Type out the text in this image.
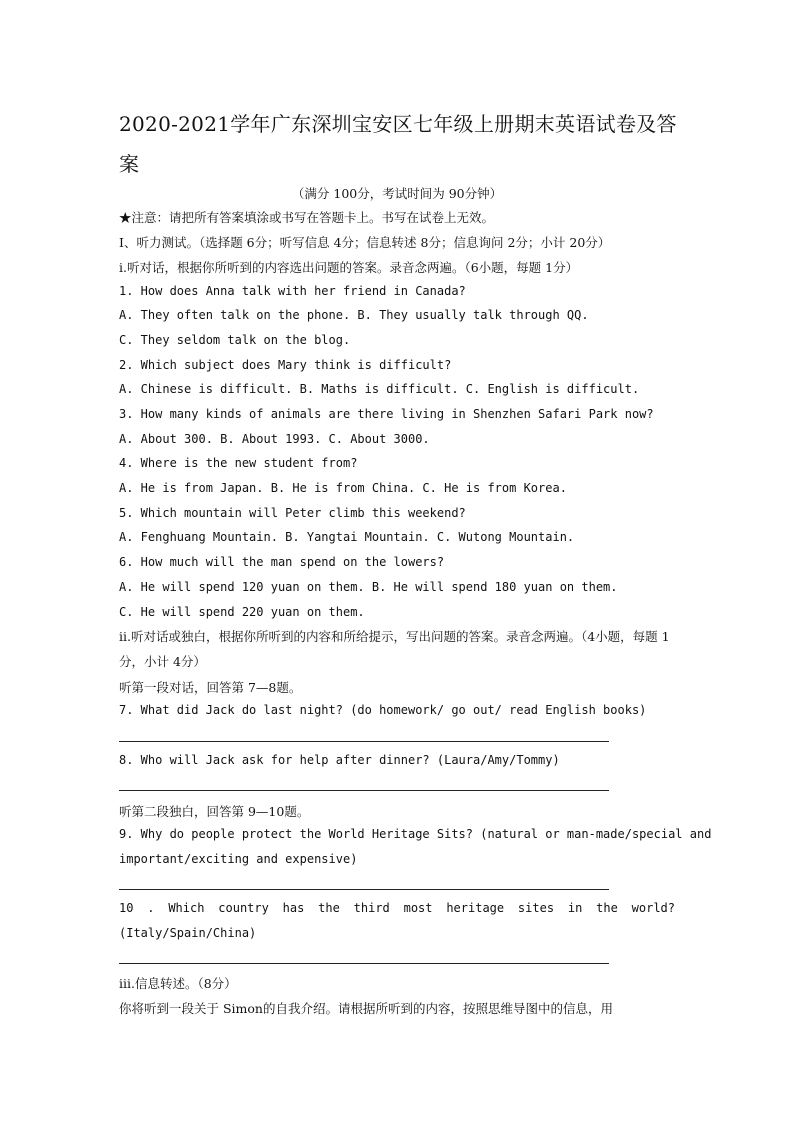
2020-2021学年广东深圳宝安区七年级上册期末英语试卷及答案
（满分 100分，考试时间为 90分钟）
★注意：请把所有答案填涂或书写在答题卡上。书写在试卷上无效。
Ⅰ、听力测试。（选择题 6分；听写信息 4分；信息转述 8分；信息询问 2分；小计 20分）
ⅰ.听对话，根据你所听到的内容选出问题的答案。录音念两遍。（6小题，每题 1分）
1. How does Anna talk with her friend in Canada?
A. They often talk on the phone. B. They usually talk through QQ.
C. They seldom talk on the blog.
2. Which subject does Mary think is difficult?
A. Chinese is difficult. B. Maths is difficult. C. English is difficult.
3. How many kinds of animals are there living in Shenzhen Safari Park now?
A. About 300. B. About 1993. C. About 3000.
4. Where is the new student from?
A. He is from Japan. B. He is from China. C. He is from Korea.
5. Which mountain will Peter climb this weekend?
A. Fenghuang Mountain. B. Yangtai Mountain. C. Wutong Mountain.
6. How much will the man spend on the lowers?
A. He will spend 120 yuan on them. B. He will spend 180 yuan on them.
C. He will spend 220 yuan on them.
ⅱ.听对话或独白，根据你所听到的内容和所给提示，写出问题的答案。录音念两遍。（4小题，每题 1分，小计 4分）
听第一段对话，回答第 7—8题。
7. What did Jack do last night? (do homework/ go out/ read English books)
8. Who will Jack ask for help after dinner? (Laura/Amy/Tommy)
听第二段独白，回答第 9—10题。
9. Why do people protect the World Heritage Sits? (natural or man-made/special and
important/exciting and expensive)
10 . Which country has the third most heritage sites in the world?
(Italy/Spain/China)
ⅲ.信息转述。（8分）
你将听到一段关于 Simon的自我介绍。请根据所听到的内容，按照思维导图中的信息，用
